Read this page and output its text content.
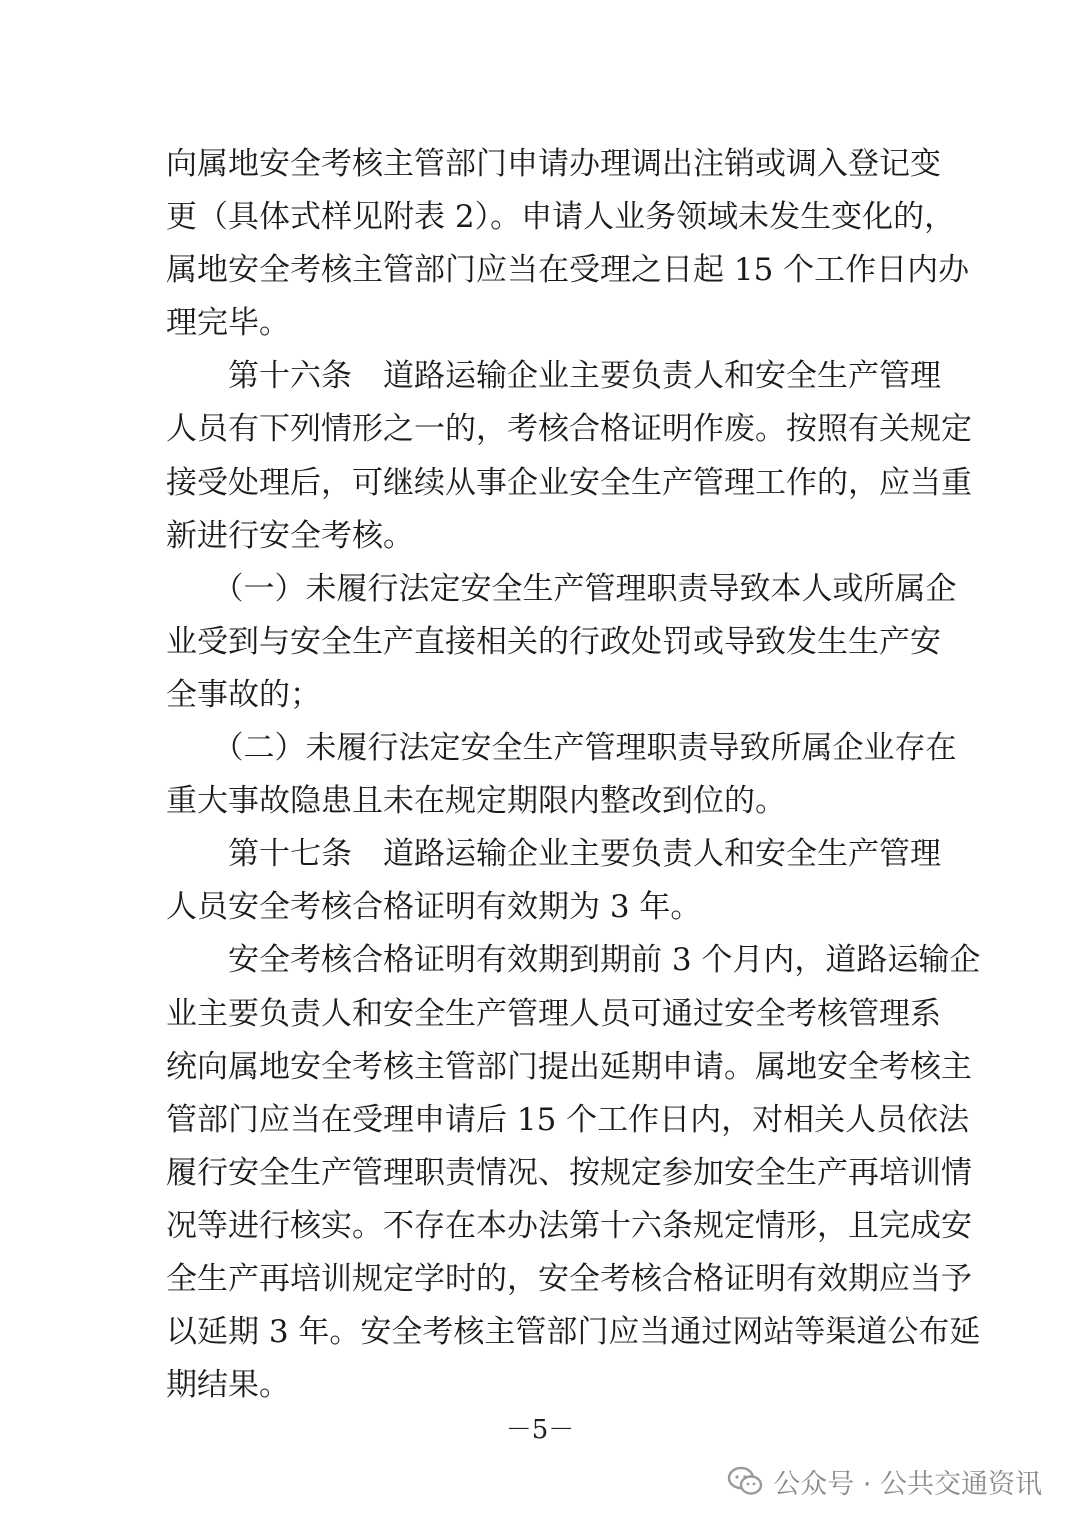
向属地安全考核主管部门申请办理调出注销或调入登记变
更（具体式样见附表 2）。申请人业务领域未发生变化的，
属地安全考核主管部门应当在受理之日起 15 个工作日内办
理完毕。
　　第十六条　道路运输企业主要负责人和安全生产管理
人员有下列情形之一的，考核合格证明作废。按照有关规定
接受处理后，可继续从事企业安全生产管理工作的，应当重
新进行安全考核。
　　（一）未履行法定安全生产管理职责导致本人或所属企
业受到与安全生产直接相关的行政处罚或导致发生生产安
全事故的；
　　（二）未履行法定安全生产管理职责导致所属企业存在
重大事故隐患且未在规定期限内整改到位的。
　　第十七条　道路运输企业主要负责人和安全生产管理
人员安全考核合格证明有效期为 3 年。
　　安全考核合格证明有效期到期前 3 个月内，道路运输企
业主要负责人和安全生产管理人员可通过安全考核管理系
统向属地安全考核主管部门提出延期申请。属地安全考核主
管部门应当在受理申请后 15 个工作日内，对相关人员依法
履行安全生产管理职责情况、按规定参加安全生产再培训情
况等进行核实。不存在本办法第十六条规定情形，且完成安
全生产再培训规定学时的，安全考核合格证明有效期应当予
以延期 3 年。安全考核主管部门应当通过网站等渠道公布延
期结果。
－5－
公众号 · 公共交通资讯
